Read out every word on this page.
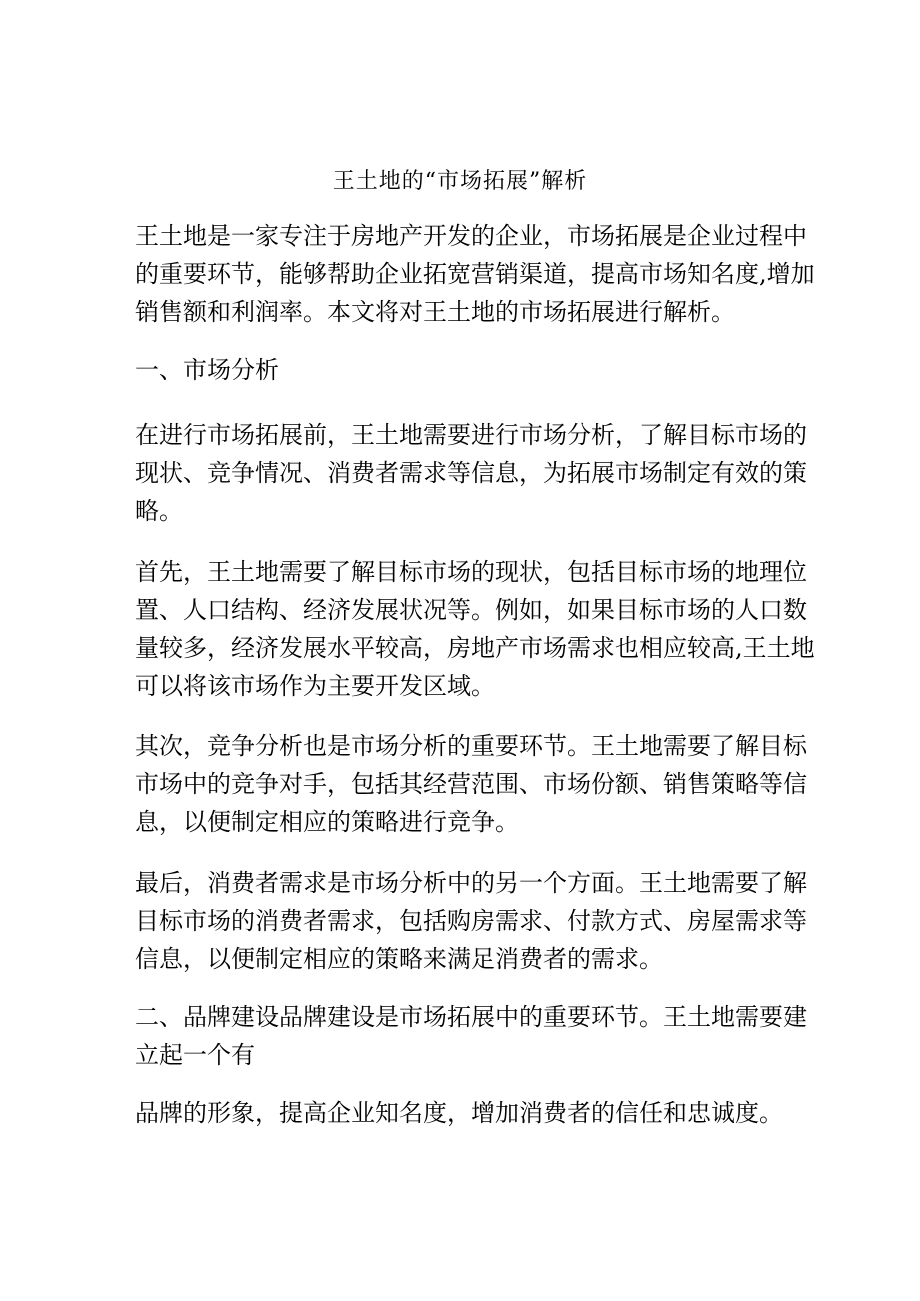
王土地的“市场拓展”解析

王土地是一家专注于房地产开发的企业，市场拓展是企业过程中
的重要环节，能够帮助企业拓宽营销渠道，提高市场知名度,增加
销售额和利润率。本文将对王土地的市场拓展进行解析。

一、市场分析

在进行市场拓展前，王土地需要进行市场分析，了解目标市场的
现状、竞争情况、消费者需求等信息，为拓展市场制定有效的策
略。

首先，王土地需要了解目标市场的现状，包括目标市场的地理位
置、人口结构、经济发展状况等。例如，如果目标市场的人口数
量较多，经济发展水平较高，房地产市场需求也相应较高,王土地
可以将该市场作为主要开发区域。

其次，竞争分析也是市场分析的重要环节。王土地需要了解目标
市场中的竞争对手，包括其经营范围、市场份额、销售策略等信
息，以便制定相应的策略进行竞争。

最后，消费者需求是市场分析中的另一个方面。王土地需要了解
目标市场的消费者需求，包括购房需求、付款方式、房屋需求等
信息，以便制定相应的策略来满足消费者的需求。

二、品牌建设品牌建设是市场拓展中的重要环节。王土地需要建
立起一个有

品牌的形象，提高企业知名度，增加消费者的信任和忠诚度。
